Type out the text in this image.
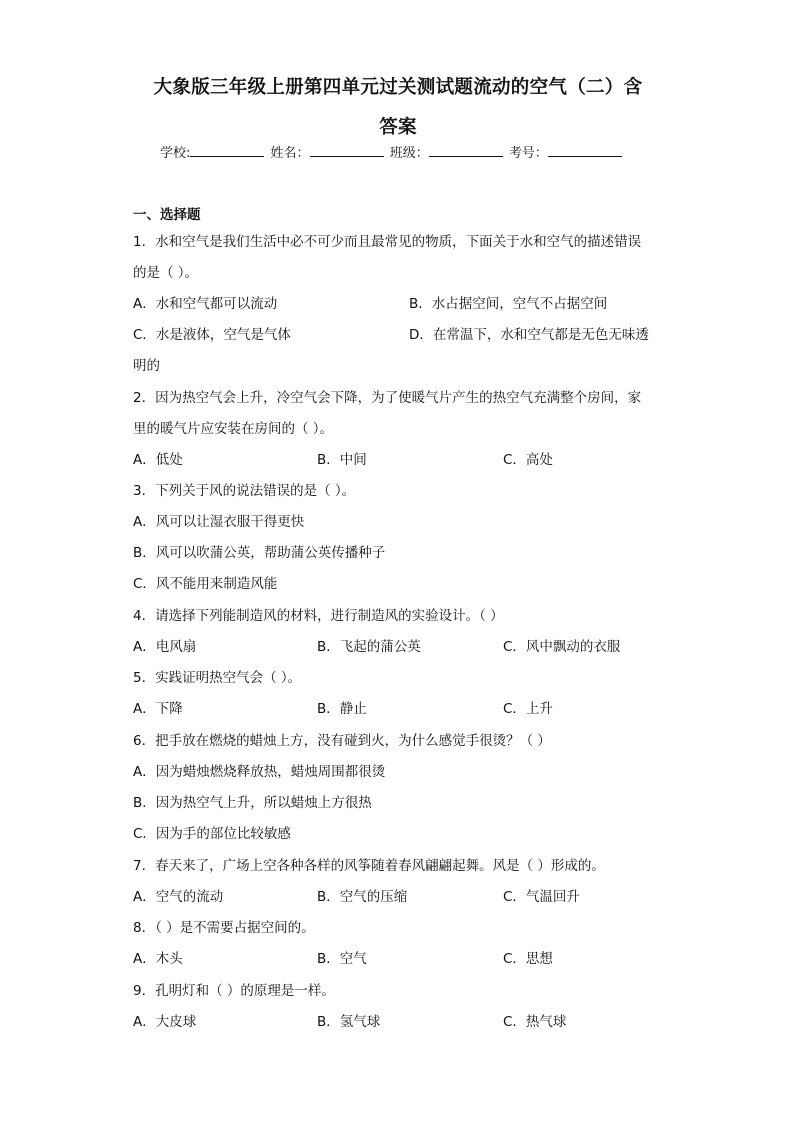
大象版三年级上册第四单元过关测试题流动的空气（二）含
答案
学校:	姓名：	班级：	考号：
一、选择题
1．水和空气是我们生活中必不可少而且最常见的物质，下面关于水和空气的描述错误
的是（ ）。
A．水和空气都可以流动	B．水占据空间，空气不占据空间
C．水是液体，空气是气体	D．在常温下，水和空气都是无色无味透
明的
2．因为热空气会上升，冷空气会下降，为了使暖气片产生的热空气充满整个房间，家
里的暖气片应安装在房间的（ ）。
A．低处	B．中间	C．高处
3．下列关于风的说法错误的是（ ）。
A．风可以让湿衣服干得更快
B．风可以吹蒲公英，帮助蒲公英传播种子
C．风不能用来制造风能
4．请选择下列能制造风的材料，进行制造风的实验设计。（ ）
A．电风扇	B．飞起的蒲公英	C．风中飘动的衣服
5．实践证明热空气会（ ）。
A．下降	B．静止	C．上升
6．把手放在燃烧的蜡烛上方，没有碰到火，为什么感觉手很烫？（ ）
A．因为蜡烛燃烧释放热，蜡烛周围都很烫
B．因为热空气上升，所以蜡烛上方很热
C．因为手的部位比较敏感
7．春天来了，广场上空各种各样的风筝随着春风翩翩起舞。风是（ ）形成的。
A．空气的流动	B．空气的压缩	C．气温回升
8．（ ）是不需要占据空间的。
A．木头	B．空气	C．思想
9．孔明灯和（ ）的原理是一样。
A．大皮球	B．氢气球	C．热气球
